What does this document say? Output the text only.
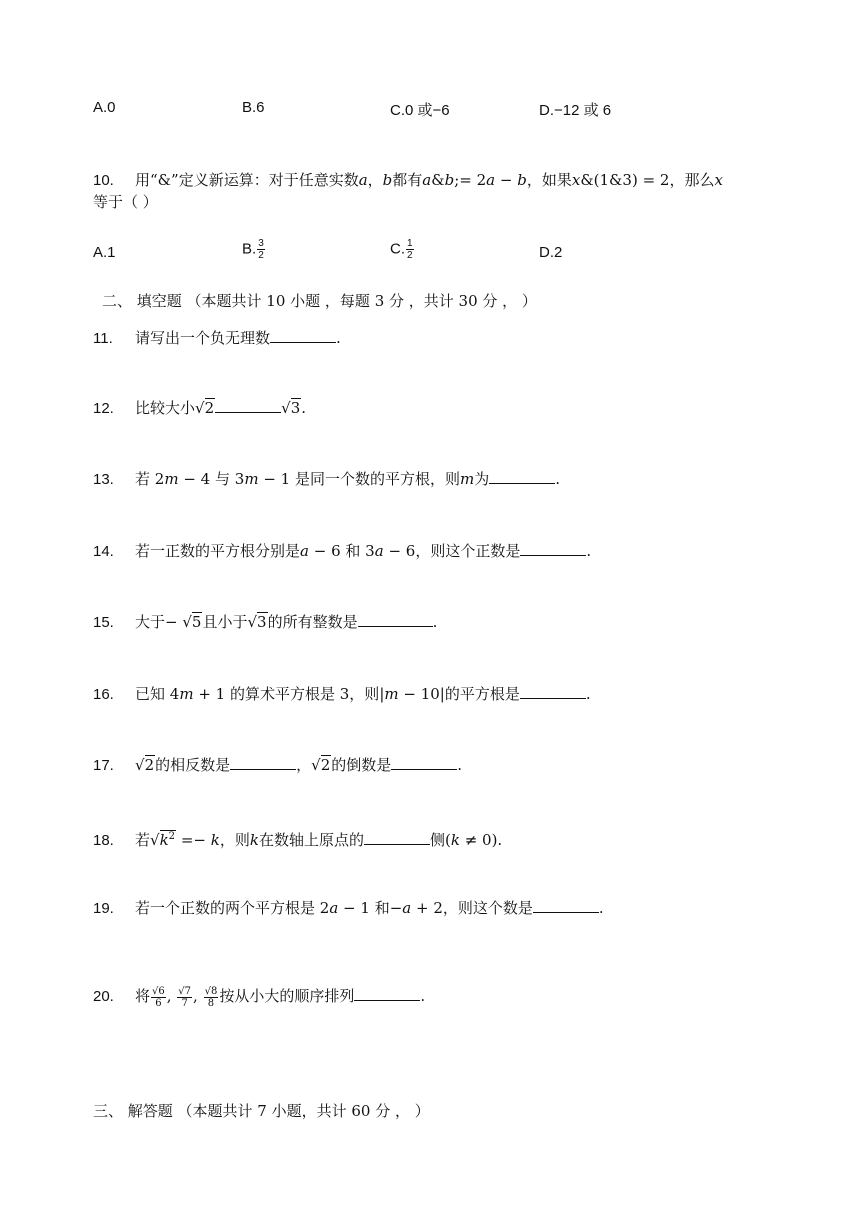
A.0	B.6	C.0 或−6	D.−12 或 6
10. 用“&”定义新运算：对于任意实数a，b都有a&b;= 2a − b，如果x&(1&3) = 2，那么x
等于（ ）
A.1	B. $\frac{3}{2}$	C. $\frac{1}{2}$	D.2
二、 填空题 （本题共计 10 小题 ，每题 3 分 ，共计 30 分 ， ）
11. 请写出一个负无理数	.
12. 比较大小√2	√3.
13. 若 2m − 4 与 3m − 1 是同一个数的平方根，则m为	.
14. 若一正数的平方根分别是a − 6 和 3a − 6，则这个正数是	.
15. 大于− √5且小于√3的所有整数是	.
16. 已知 4m + 1 的算术平方根是 3，则|m − 10|的平方根是	.
17. √2的相反数是	，√2的倒数是	.
18. 若$√k^2 =- k$，则k在数轴上原点的	侧(k ≠ 0).
19. 若一个正数的两个平方根是 2a − 1 和−a + 2，则这个数是	.
20. 将 $\frac{√6}{6}$ , $\frac{√7}{7}$ , $\frac{√8}{8}$ 按从小大的顺序排列	.
三、 解答题 （本题共计 7 小题，共计 60 分 ， ）
